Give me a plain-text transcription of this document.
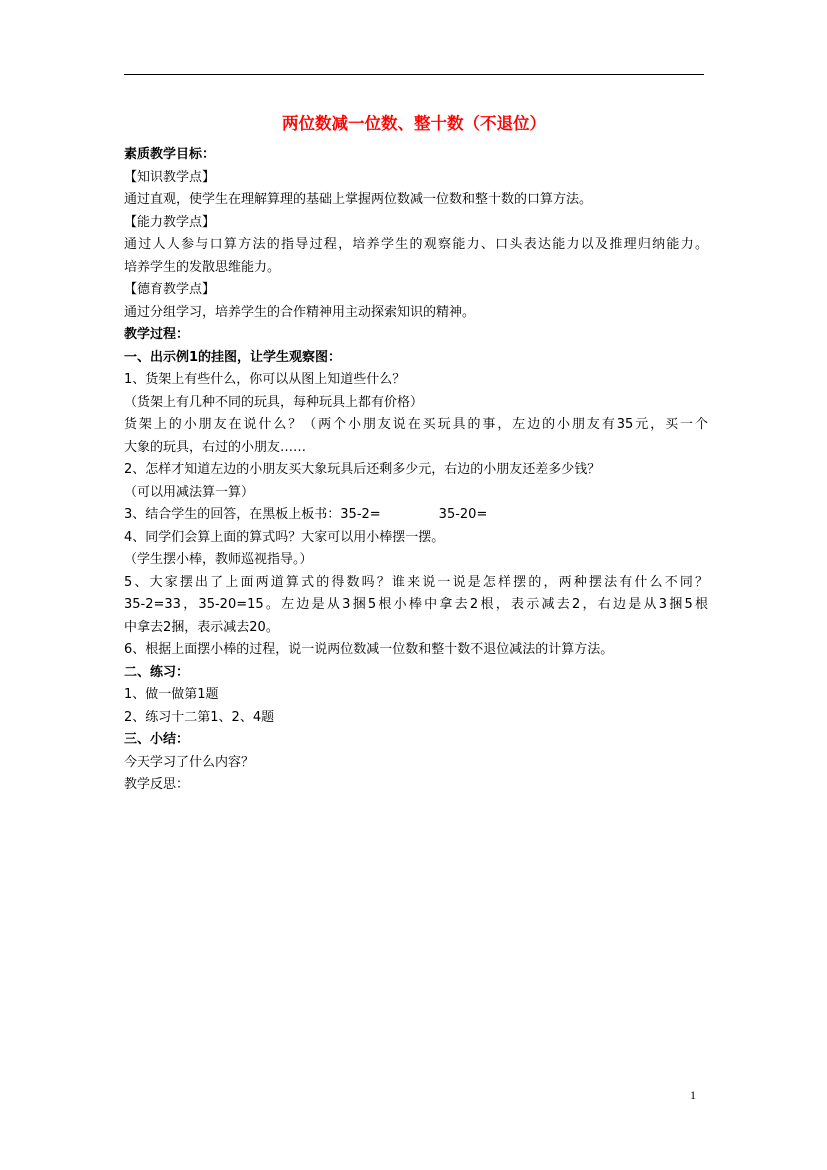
两位数减一位数、整十数（不退位）
素质教学目标：
【知识教学点】
通过直观，使学生在理解算理的基础上掌握两位数减一位数和整十数的口算方法。
【能力教学点】
通过人人参与口算方法的指导过程，培养学生的观察能力、口头表达能力以及推理归纳能力。
培养学生的发散思维能力。
【德育教学点】
通过分组学习，培养学生的合作精神用主动探索知识的精神。
教学过程：
一、出示例1的挂图，让学生观察图：
1、货架上有些什么，你可以从图上知道些什么？
（货架上有几种不同的玩具，每种玩具上都有价格）
货架上的小朋友在说什么？（两个小朋友说在买玩具的事，左边的小朋友有35元，买一个
大象的玩具，右过的小朋友……
2、怎样才知道左边的小朋友买大象玩具后还剩多少元，右边的小朋友还差多少钱？
（可以用减法算一算）
3、结合学生的回答，在黑板上板书：35-2=	35-20=
4、同学们会算上面的算式吗？大家可以用小棒摆一摆。
（学生摆小棒，教师巡视指导。）
5、大家摆出了上面两道算式的得数吗？谁来说一说是怎样摆的，两种摆法有什么不同？
35-2=33，35-20=15。左边是从3捆5根小棒中拿去2根，表示减去2，右边是从3捆5根
中拿去2捆，表示减去20。
6、根据上面摆小棒的过程，说一说两位数减一位数和整十数不退位减法的计算方法。
二、练习：
1、做一做第1题
2、练习十二第1、2、4题
三、小结：
今天学习了什么内容？
教学反思：
1
